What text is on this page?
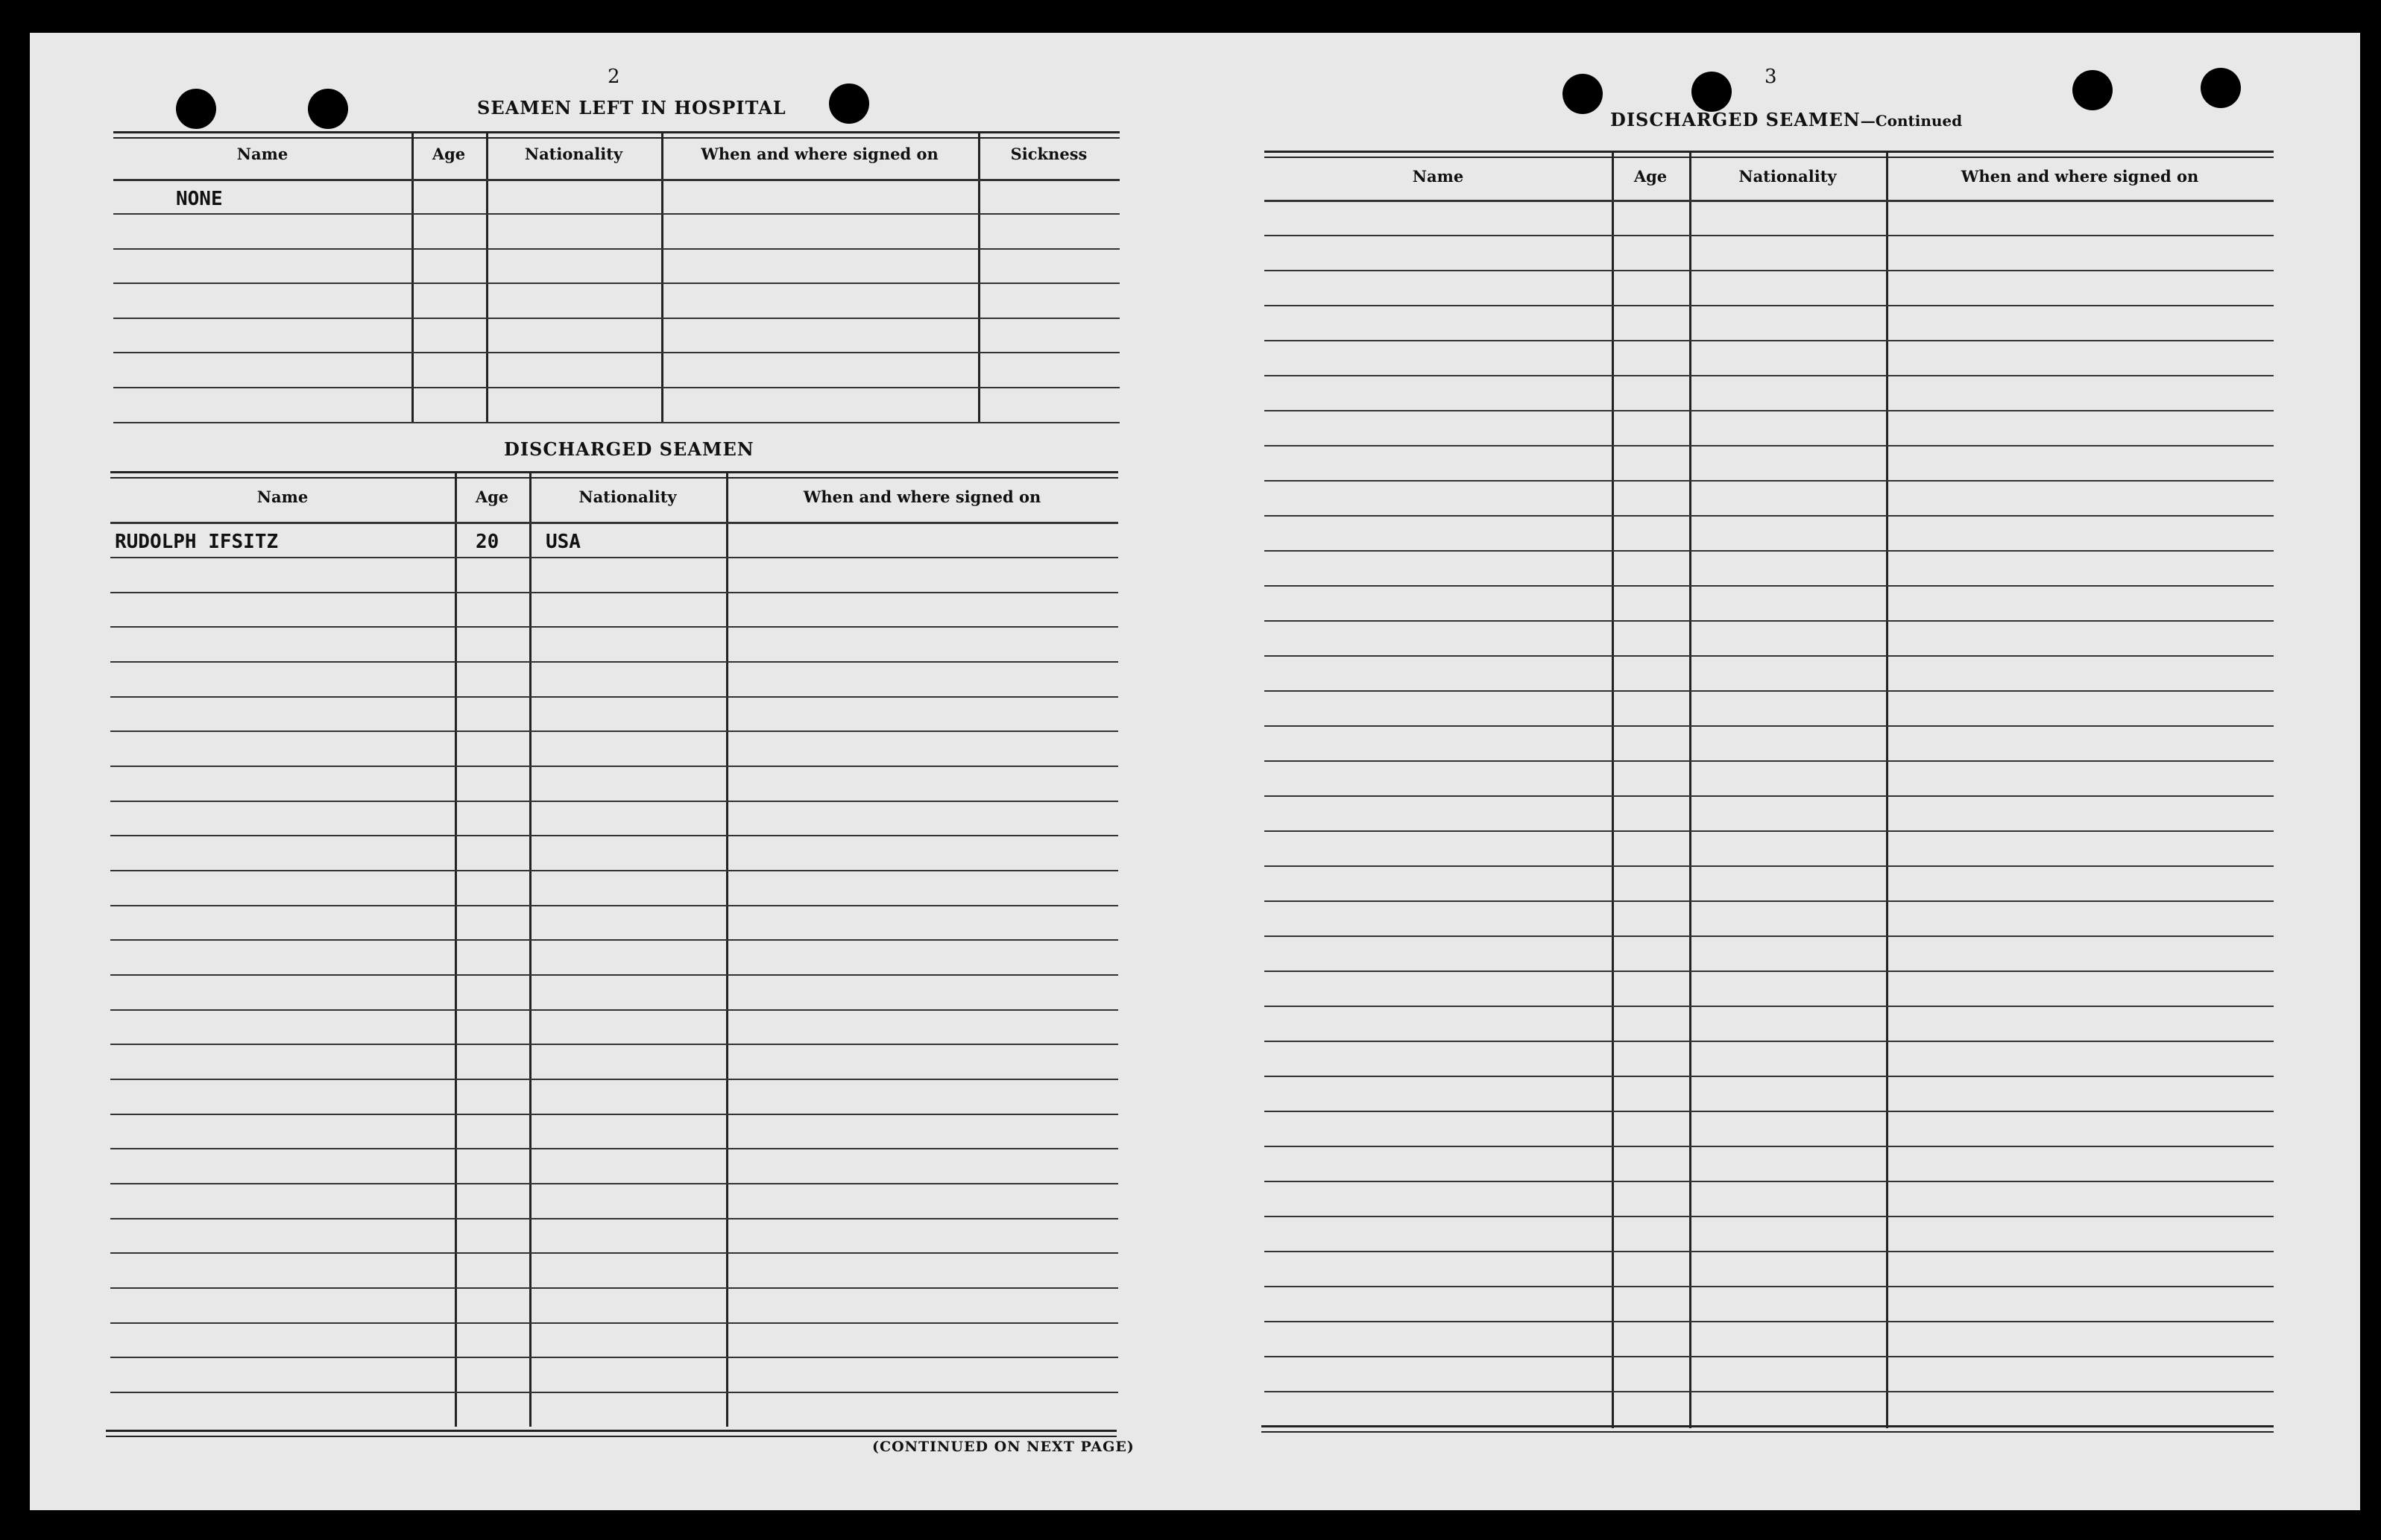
2
SEAMEN LEFT IN HOSPITAL
Name	Age	Nationality	When and where signed on	Sickness
NONE
DISCHARGED SEAMEN
Name	Age	Nationality	When and where signed on
RUDOLPH IFSITZ	20 USA
(CONTINUED ON NEXT PAGE)
3
DISCHARGED SEAMEN—Continued
Name	Age	Nationality	When and where signed on
